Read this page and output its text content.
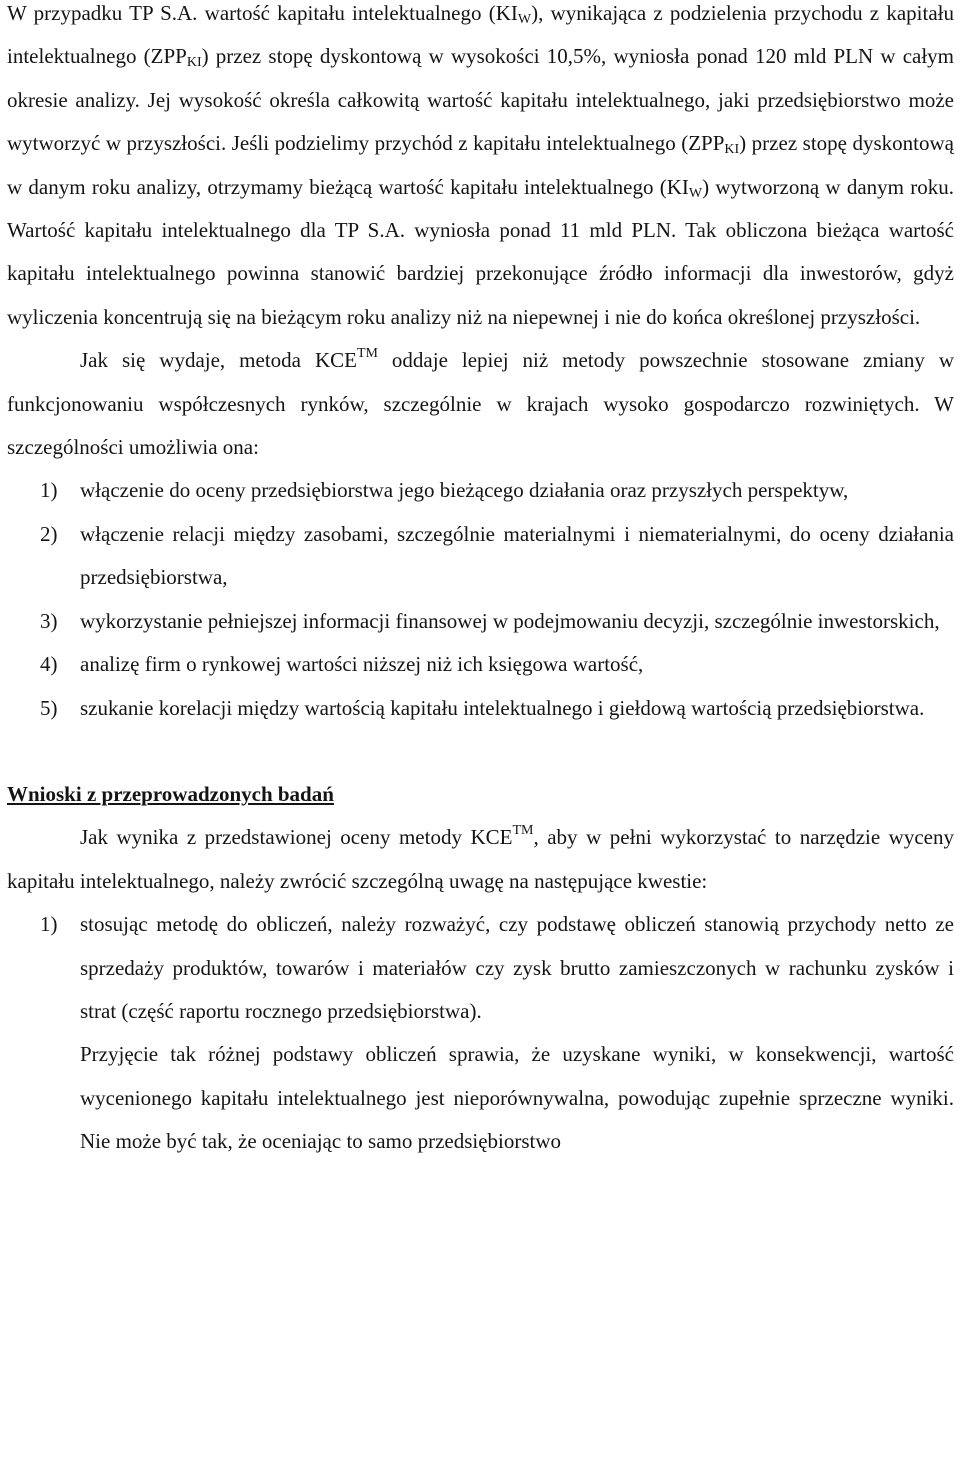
W przypadku TP S.A. wartość kapitału intelektualnego $(KI_W)$, wynikająca z podzielenia przychodu z kapitału intelektualnego $(ZPP_{KI})$ przez stopę dyskontową w wysokości 10,5%, wyniosła ponad 120 mld PLN w całym okresie analizy. Jej wysokość określa całkowitą wartość kapitału intelektualnego, jaki przedsiębiorstwo może wytworzyć w przyszłości. Jeśli podzielimy przychód z kapitału intelektualnego $(ZPP_{KI})$ przez stopę dyskontową w danym roku analizy, otrzymamy bieżącą wartość kapitału intelektualnego $(KI_W)$ wytworzoną w danym roku. Wartość kapitału intelektualnego dla TP S.A. wyniosła ponad 11 mld PLN. Tak obliczona bieżąca wartość kapitału intelektualnego powinna stanowić bardziej przekonujące źródło informacji dla inwestorów, gdyż wyliczenia koncentrują się na bieżącym roku analizy niż na niepewnej i nie do końca określonej przyszłości.

Jak się wydaje, metoda KCE™ oddaje lepiej niż metody powszechnie stosowane zmiany w funkcjonowaniu współczesnych rynków, szczególnie w krajach wysoko gospodarczo rozwiniętych. W szczególności umożliwia ona:

1) włączenie do oceny przedsiębiorstwa jego bieżącego działania oraz przyszłych perspektyw,
2) włączenie relacji między zasobami, szczególnie materialnymi i niematerialnymi, do oceny działania przedsiębiorstwa,
3) wykorzystanie pełniejszej informacji finansowej w podejmowaniu decyzji, szczególnie inwestorskich,
4) analizę firm o rynkowej wartości niższej niż ich księgowa wartość,
5) szukanie korelacji między wartością kapitału intelektualnego i giełdową wartością przedsiębiorstwa.

Wnioski z przeprowadzonych badań

Jak wynika z przedstawionej oceny metody KCE™, aby w pełni wykorzystać to narzędzie wyceny kapitału intelektualnego, należy zwrócić szczególną uwagę na następujące kwestie:

1) stosując metodę do obliczeń, należy rozważyć, czy podstawę obliczeń stanowią przychody netto ze sprzedaży produktów, towarów i materiałów czy zysk brutto zamieszczonych w rachunku zysków i strat (część raportu rocznego przedsiębiorstwa).

Przyjęcie tak różnej podstawy obliczeń sprawia, że uzyskane wyniki, w konsekwencji, wartość wycenionego kapitału intelektualnego jest nieporównywalna, powodując zupełnie sprzeczne wyniki. Nie może być tak, że oceniając to samo przedsiębiorstwo
